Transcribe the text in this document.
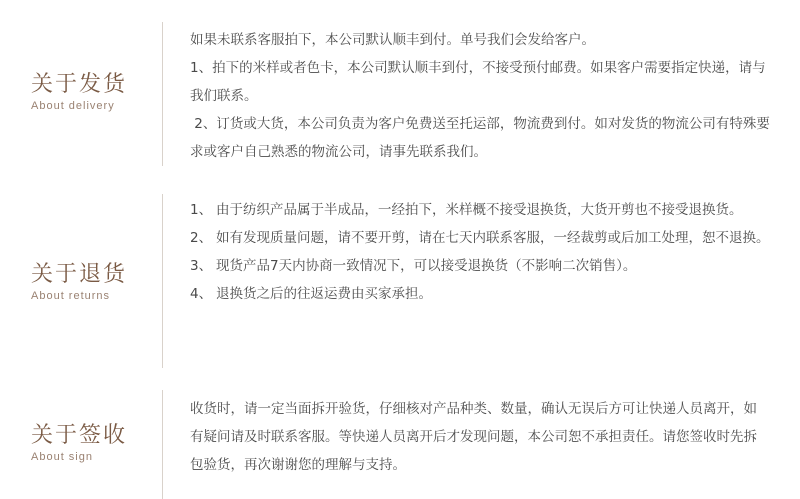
关于发货
About delivery
如果未联系客服拍下，本公司默认顺丰到付。单号我们会发给客户。
1、拍下的米样或者色卡，本公司默认顺丰到付，不接受预付邮费。如果客户需要指定快递，请与我们联系。
2、订货或大货，本公司负责为客户免费送至托运部，物流费到付。如对发货的物流公司有特殊要求或客户自己熟悉的物流公司，请事先联系我们。
关于退货
About returns
1、 由于纺织产品属于半成品，一经拍下，米样概不接受退换货，大货开剪也不接受退换货。
2、 如有发现质量问题，请不要开剪，请在七天内联系客服，一经裁剪或后加工处理，恕不退换。
3、 现货产品7天内协商一致情况下，可以接受退换货（不影响二次销售）。
4、 退换货之后的往返运费由买家承担。
关于签收
About sign
收货时，请一定当面拆开验货，仔细核对产品种类、数量，确认无误后方可让快递人员离开，如有疑问请及时联系客服。等快递人员离开后才发现问题，本公司恕不承担责任。请您签收时先拆包验货，再次谢谢您的理解与支持。
